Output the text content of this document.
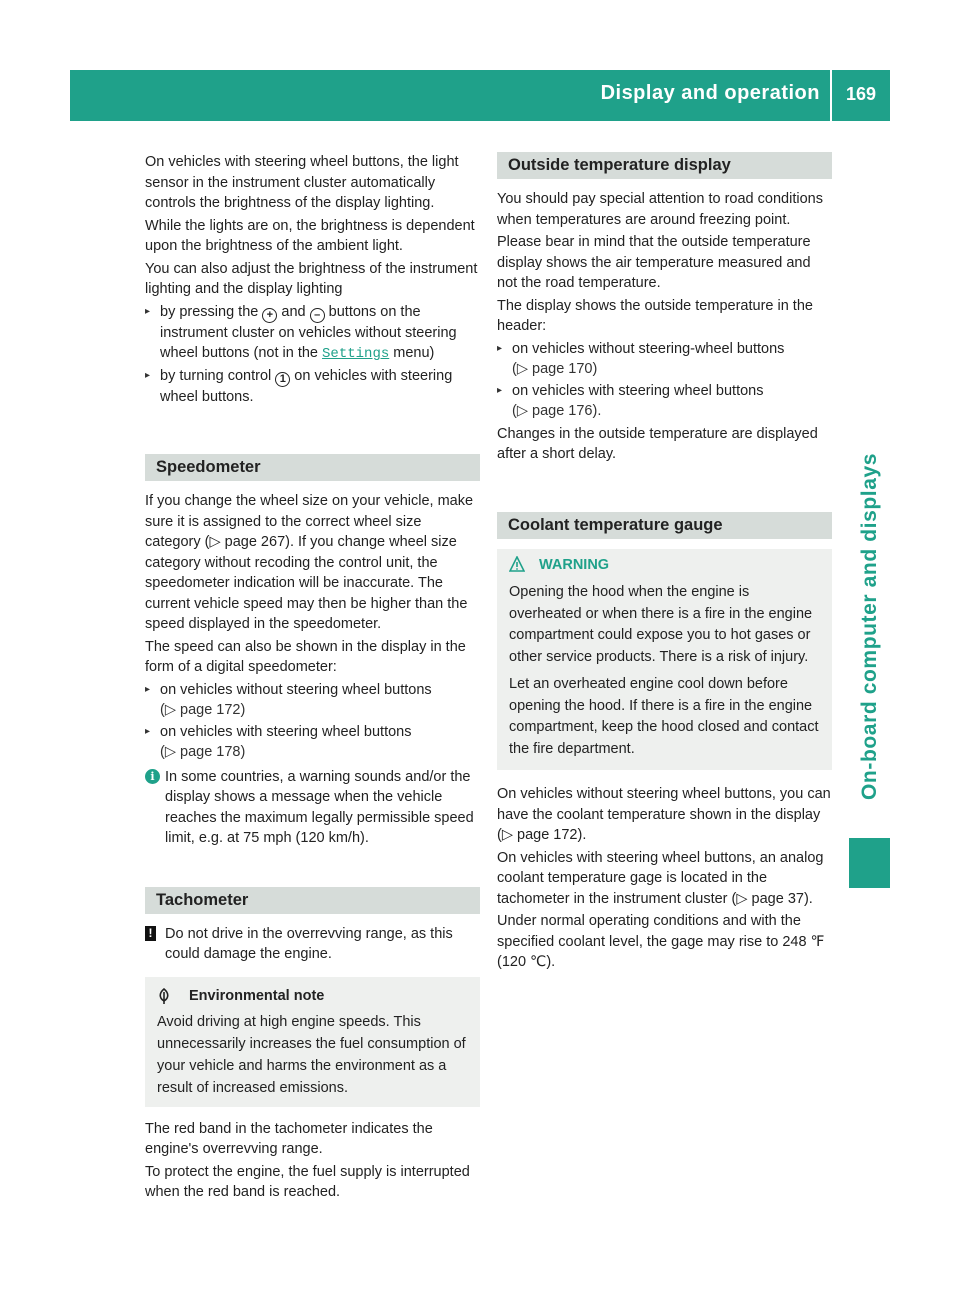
Display and operation 169
On-board computer and displays

On vehicles with steering wheel buttons, the light sensor in the instrument cluster automatically controls the brightness of the display lighting.

While the lights are on, the brightness is dependent upon the brightness of the ambient light.

You can also adjust the brightness of the instrument lighting and the display lighting

▸ by pressing the + and – buttons on the instrument cluster on vehicles without steering wheel buttons (not in the Settings menu)
▸ by turning control 1 on vehicles with steering wheel buttons.
Speedometer

If you change the wheel size on your vehicle, make sure it is assigned to the correct wheel size category (▷ page 267). If you change wheel size category without recoding the control unit, the speedometer indication will be inaccurate. The current vehicle speed may then be higher than the speed displayed in the speedometer.

The speed can also be shown in the display in the form of a digital speedometer:

▸ on vehicles without steering wheel buttons
(▷ page 172)
▸ on vehicles with steering wheel buttons
(▷ page 178)
i In some countries, a warning sounds and/or the display shows a message when the vehicle reaches the maximum legally permissible speed limit, e.g. at 75 mph (120 km/h).
Tachometer
! Do not drive in the overrevving range, as this could damage the engine.
Environmental note
Avoid driving at high engine speeds. This unnecessarily increases the fuel consumption of your vehicle and harms the environment as a result of increased emissions.

The red band in the tachometer indicates the engine's overrevving range.

To protect the engine, the fuel supply is interrupted when the red band is reached.

Outside temperature display

You should pay special attention to road conditions when temperatures are around freezing point.

Please bear in mind that the outside temperature display shows the air temperature measured and not the road temperature.

The display shows the outside temperature in the header:

▸ on vehicles without steering-wheel buttons
(▷ page 170)
▸ on vehicles with steering wheel buttons
(▷ page 176).

Changes in the outside temperature are displayed after a short delay.

Coolant temperature gauge
WARNING

Opening the hood when the engine is overheated or when there is a fire in the engine compartment could expose you to hot gases or other service products. There is a risk of injury.

Let an overheated engine cool down before opening the hood. If there is a fire in the engine compartment, keep the hood closed and contact the fire department.

On vehicles without steering wheel buttons, you can have the coolant temperature shown in the display (▷ page 172).

On vehicles with steering wheel buttons, an analog coolant temperature gage is located in the tachometer in the instrument cluster (▷ page 37).

Under normal operating conditions and with the specified coolant level, the gage may rise to 248 ℉ (120 ℃).
